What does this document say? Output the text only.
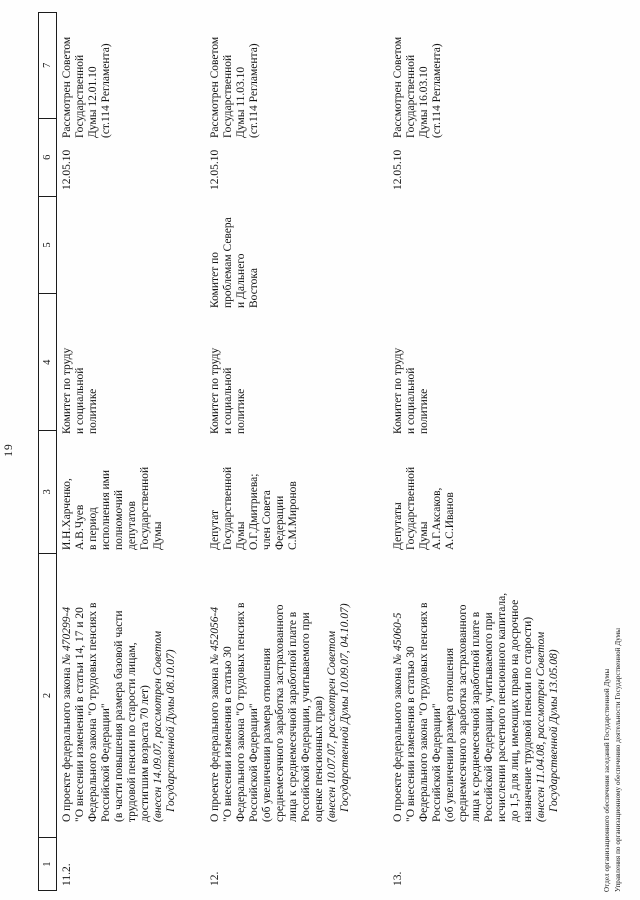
19
1
2
3
4
5
6
7
11.2.
О проекте федерального закона № 470299-4 "О внесении изменений в статьи 14, 17 и 20 Федерального закона "О трудовых пенсиях в Российской Федерации" (в части повышения размера базовой части трудовой пенсии по старости лицам, достигшим возраста 70 лет) (внесен 14.09.07, рассмотрен Советом Государственной Думы 08.10.07)
И.Н.Харченко, А.В.Чуев в период исполнения ими полномочий депутатов Государственной Думы
Комитет по труду и социальной политике
12.05.10
Рассмотрен Советом Государственной Думы 12.01.10 (ст.114 Регламента)
12.
О проекте федерального закона № 452056-4
"О внесении изменения в статью 30 Федерального закона "О трудовых пенсиях в Российской Федерации" (об увеличении размера отношения среднемесячного заработка застрахованного лица к среднемесячной заработной плате в Российской Федерации, учитываемого при оценке пенсионных прав) (внесен 10.07.07, рассмотрен Советом Государственной Думы 10.09.07, 04.10.07)
Депутат Государственной Думы О.Г.Дмитриева; член Совета Федерации С.М.Миронов
Комитет по труду и социальной политике
Комитет по проблемам Севера и Дальнего Востока
12.05.10
Рассмотрен Советом Государственной Думы 11.03.10 (ст.114 Регламента)
13.
О проекте федерального закона № 45060-5
"О внесении изменения в статью 30 Федерального закона "О трудовых пенсиях в Российской Федерации" (об увеличении размера отношения среднемесячного заработка застрахованного лица к среднемесячной заработной плате в Российской Федерации, учитываемого при исчислении расчетного пенсионного капитала, до 1,5 для лиц, имеющих право на досрочное назначение трудовой пенсии по старости) (внесен 11.04.08, рассмотрен Советом Государственной Думы 13.05.08)
Депутаты Государственной Думы А.Г.Аксаков, А.С.Иванов
Комитет по труду и социальной политике
12.05.10
Рассмотрен Советом Государственной Думы 16.03.10 (ст.114 Регламента)
Отдел организационного обеспечения заседаний Государственной Думы Управления по организационному обеспечению деятельности Государственной Думы
